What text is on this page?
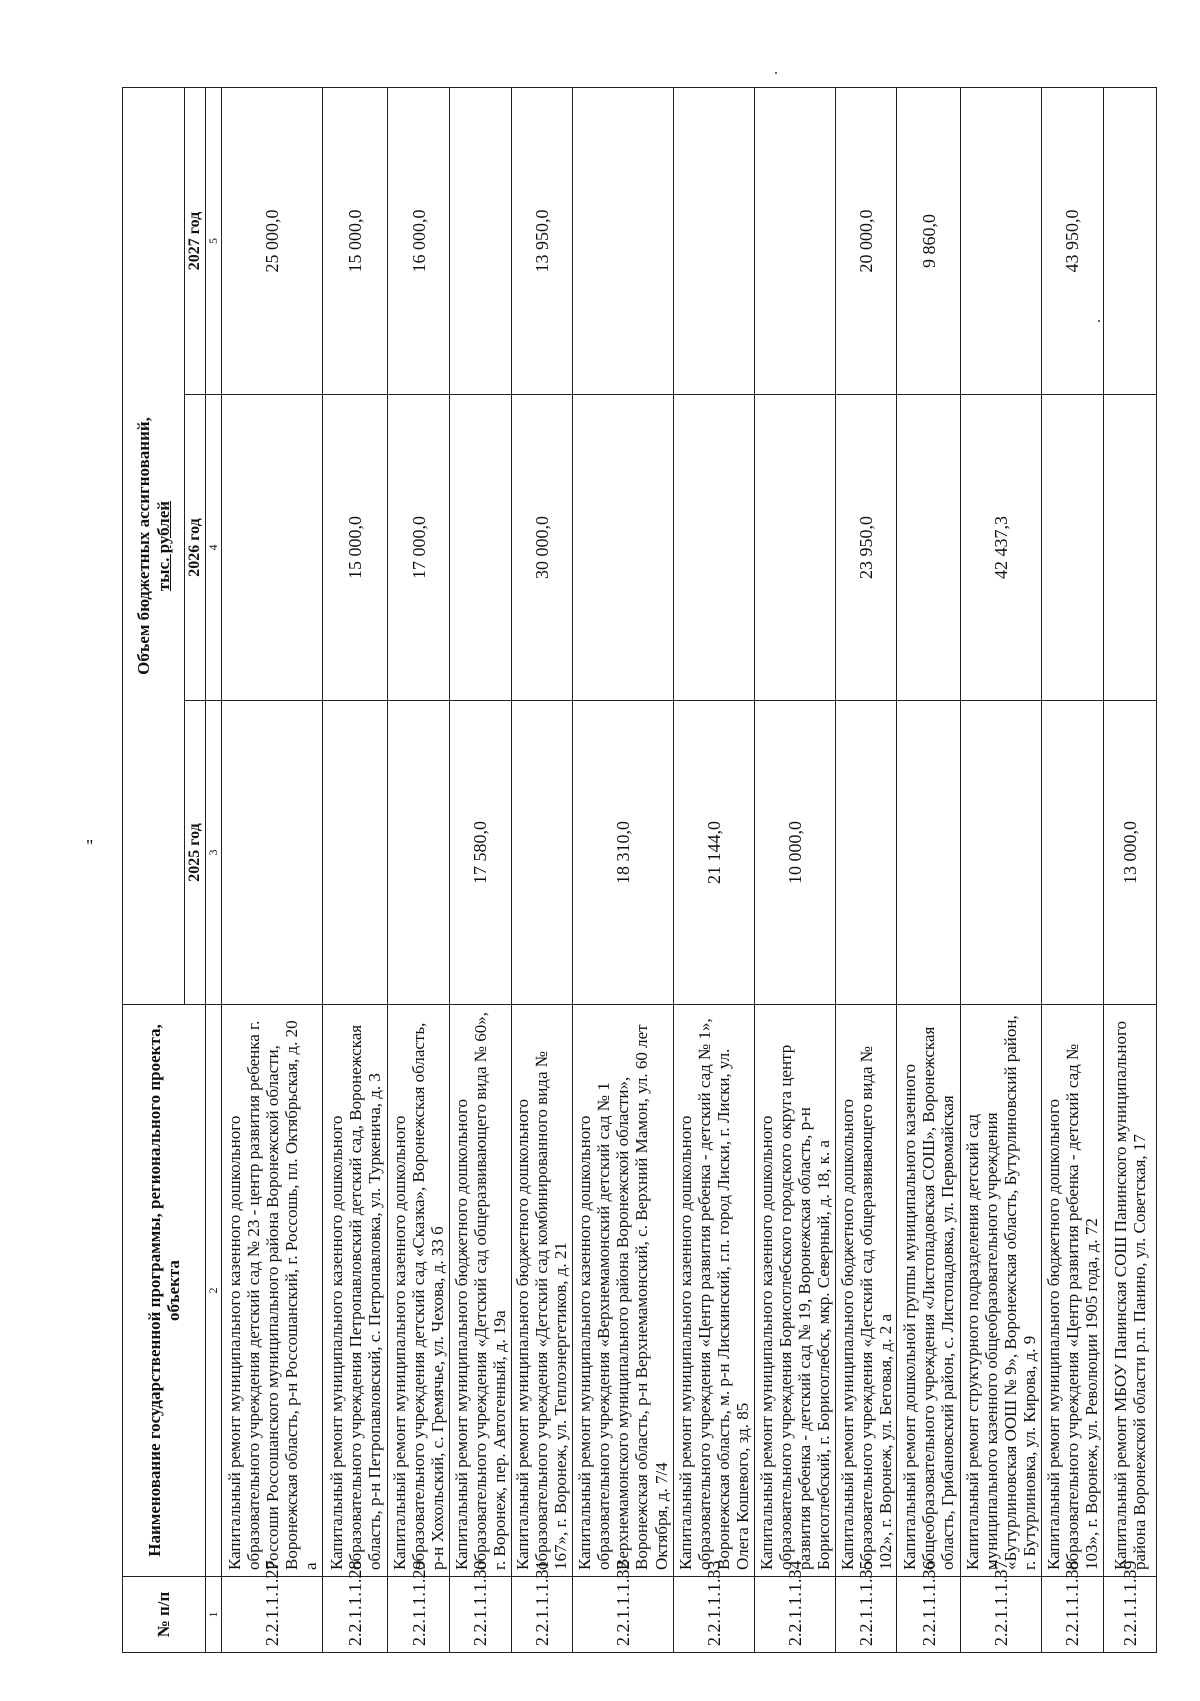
"
№ п/п	Наименование государственной программы, регионального проекта, объекта	Объем бюджетных ассигнований, тыс. рублей		

		2025 год	2026 год	2027 год
1	2	3	4	5
2.2.1.1.1.27	Капитальный ремонт муниципального казенного дошкольного образовательного учреждения детский сад № 23 - центр развития ребенка г. Россоши Россошанского муниципального района Воронежской области, Воронежская область, р-н Россошанский, г. Россошь, пл. Октябрьская, д. 20 а			25 000,0
2.2.1.1.1.28	Капитальный ремонт муниципального казенного дошкольного образовательного учреждения Петропавловский детский сад, Воронежская область, р-н Петропавловский, с. Петропавловка, ул. Туркенича, д. 3		15 000,0	15 000,0
2.2.1.1.1.29	Капитальный ремонт муниципального казенного дошкольного образовательного учреждения детский сад «Сказка», Воронежская область, р-н Хохольский, с. Гремячье, ул. Чехова, д. 33 б		17 000,0	16 000,0
2.2.1.1.1.30	Капитальный ремонт муниципального бюджетного дошкольного образовательного учреждения «Детский сад общеразвивающего вида № 60», г. Воронеж, пер. Автогенный, д. 19а	17 580,0		
2.2.1.1.1.31	Капитальный ремонт муниципального бюджетного дошкольного образовательного учреждения «Детский сад комбинированного вида № 167», г. Воронеж, ул. Теплоэнергетиков, д. 21		30 000,0	13 950,0
2.2.1.1.1.32	Капитальный ремонт муниципального казенного дошкольного образовательного учреждения «Верхнемамонский детский сад № 1 Верхнемамонского муниципального района Воронежской области», Воронежская область, р-н Верхнемамонский, с. Верхний Мамон, ул. 60 лет Октября, д. 7/4	18 310,0		
2.2.1.1.1.33	Капитальный ремонт муниципального казенного дошкольного образовательного учреждения «Центр развития ребенка - детский сад № 1», Воронежская область, м. р-н Лискинский, г.п. город Лиски, г. Лиски, ул. Олега Кошевого, зд. 85	21 144,0		
2.2.1.1.1.34	Капитальный ремонт муниципального казенного дошкольного образовательного учреждения Борисоглебского городского округа центр развития ребенка - детский сад № 19, Воронежская область, р-н Борисоглебский, г. Борисоглебск, мкр. Северный, д. 18, к. а	10 000,0		
2.2.1.1.1.35	Капитальный ремонт муниципального бюджетного дошкольного образовательного учреждения «Детский сад общеразвивающего вида № 102», г. Воронеж, ул. Беговая, д. 2 а		23 950,0	20 000,0
2.2.1.1.1.36	Капитальный ремонт дошкольной группы муниципального казенного общеобразовательного учреждения «Листопадовская СОШ», Воронежская область, Грибановский район, с. Листопадовка, ул. Первомайская			9 860,0
2.2.1.1.1.37	Капитальный ремонт структурного подразделения детский сад муниципального казенного общеобразовательного учреждения «Бутурлиновская ООШ № 9», Воронежская область, Бутурлиновский район, г. Бутурлиновка, ул. Кирова, д. 9		42 437,3	
2.2.1.1.1.38	Капитальный ремонт муниципального бюджетного дошкольного образовательного учреждения «Центр развития ребенка - детский сад № 103», г. Воронеж, ул. Революции 1905 года, д. 72			43 950,0
2.2.1.1.1.39	Капитальный ремонт МБОУ Панинская СОШ Панинского муниципального района Воронежской области р.п. Панино, ул. Советская, 17	13 000,0		
